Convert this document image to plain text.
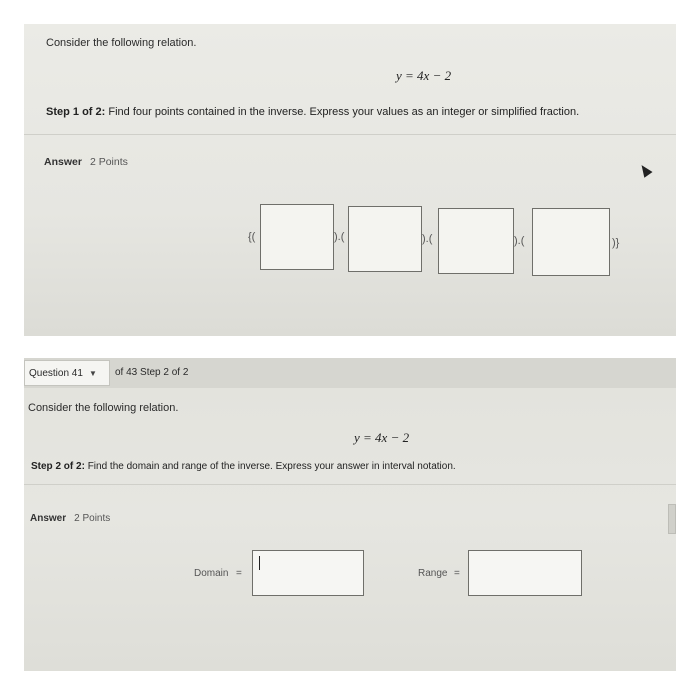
Consider the following relation.
y = 4x − 2
Step 1 of 2: Find four points contained in the inverse. Express your values as an integer or simplified fraction.
Answer 2 Points
{(	).(	).(	).(	)}
Question 41 ▼	of 43 Step 2 of 2
Consider the following relation.
y = 4x − 2
Step 2 of 2: Find the domain and range of the inverse. Express your answer in interval notation.
Answer 2 Points
Domain =	Range =
